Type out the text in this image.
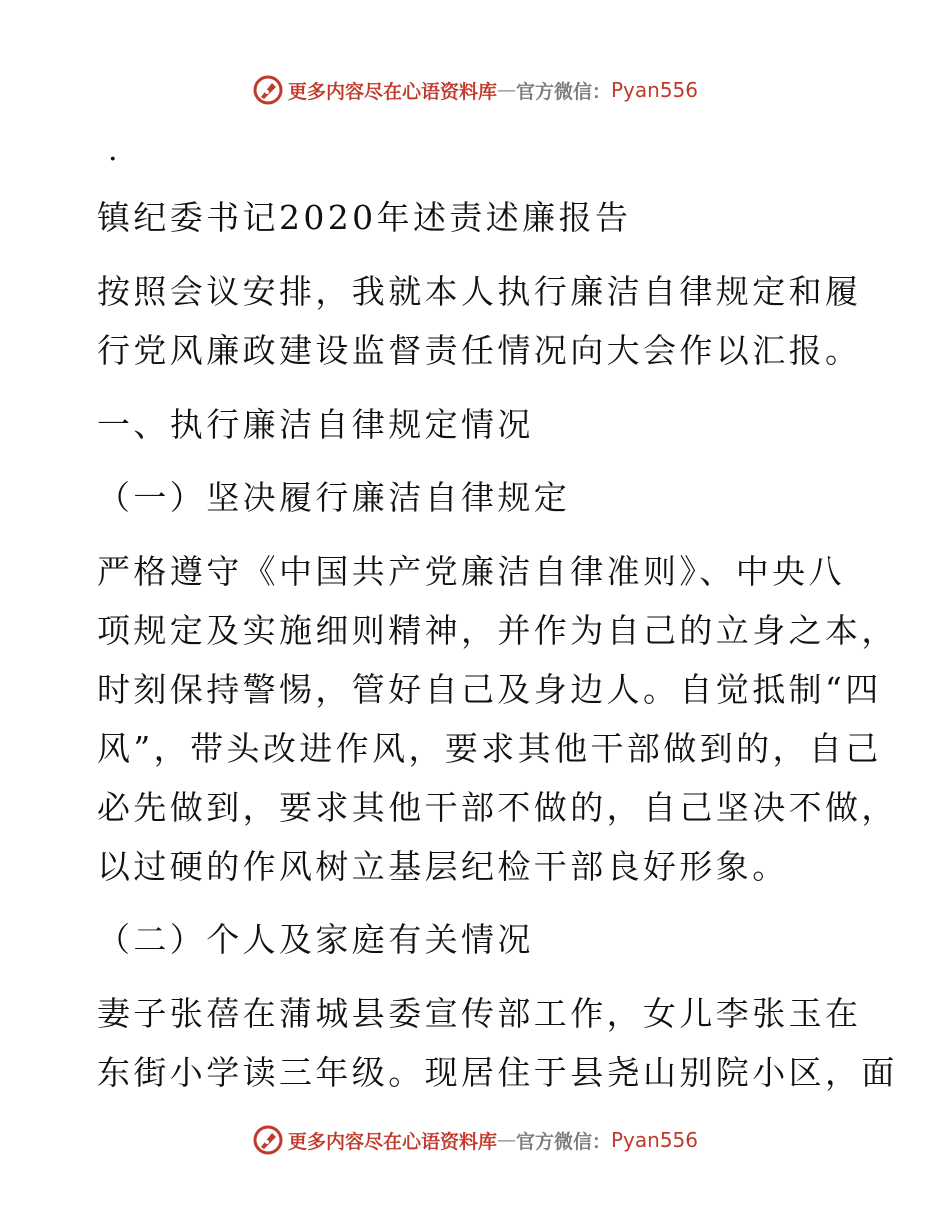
更多内容尽在心语资料库 — 官方微信： Pyan556
.
镇纪委书记2020年述责述廉报告
按照会议安排，我就本人执行廉洁自律规定和履
行党风廉政建设监督责任情况向大会作以汇报。
一、执行廉洁自律规定情况
（一）坚决履行廉洁自律规定
严格遵守《中国共产党廉洁自律准则》、中央八
项规定及实施细则精神，并作为自己的立身之本，
时刻保持警惕，管好自己及身边人。自觉抵制“四
风”，带头改进作风，要求其他干部做到的，自己
必先做到，要求其他干部不做的，自己坚决不做，
以过硬的作风树立基层纪检干部良好形象。
（二）个人及家庭有关情况
妻子张蓓在蒲城县委宣传部工作，女儿李张玉在
东街小学读三年级。现居住于县尧山别院小区，面
更多内容尽在心语资料库 — 官方微信： Pyan556
